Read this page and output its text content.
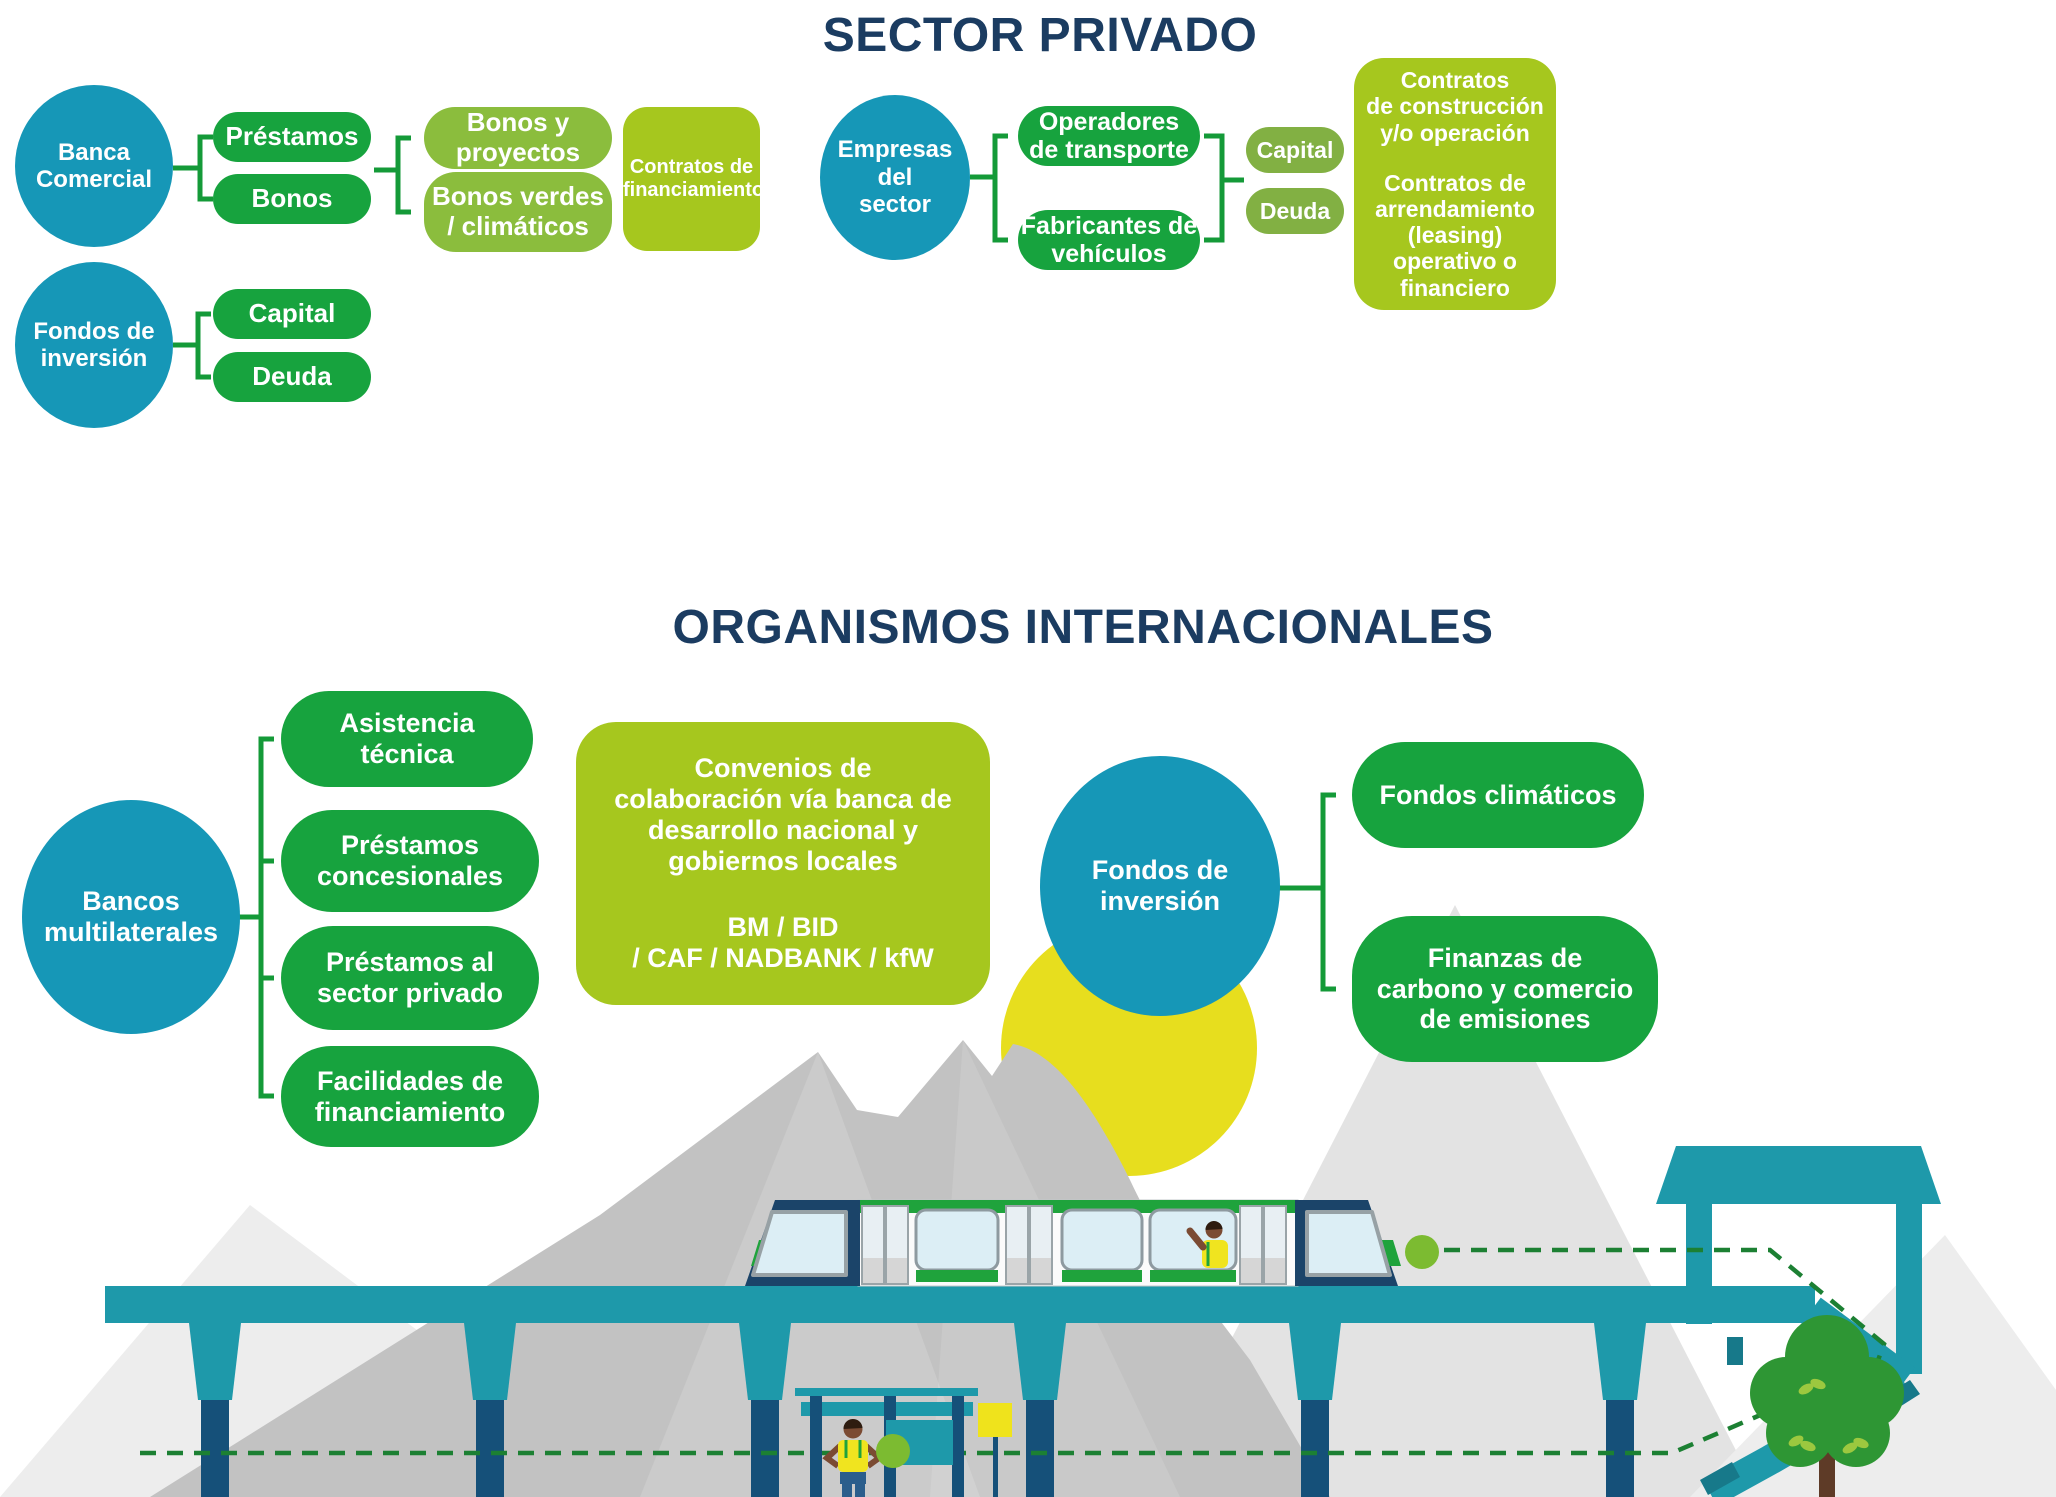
SECTOR PRIVADO
ORGANISMOS INTERNACIONALES
Banca
Comercial
Préstamos
Bonos
Bonos y
proyectos
Bonos verdes
/ climáticos
Contratos de
financiamiento
Empresas del
sector
Operadores
de transporte
Fabricantes de
vehículos
Capital
Deuda
Contratos
de construcción
y/o operación
Contratos de
arrendamiento
(leasing)
operativo o
financiero
Fondos de
inversión
Capital
Deuda
Bancos
multilaterales
Asistencia
técnica
Préstamos
concesionales
Préstamos al
sector privado
Facilidades de
financiamiento
Convenios de
colaboración vía banca de
desarrollo nacional y
gobiernos locales
BM / BID
/ CAF / NADBANK / kfW
Fondos de
inversión
Fondos climáticos
Finanzas de
carbono y comercio
de emisiones
